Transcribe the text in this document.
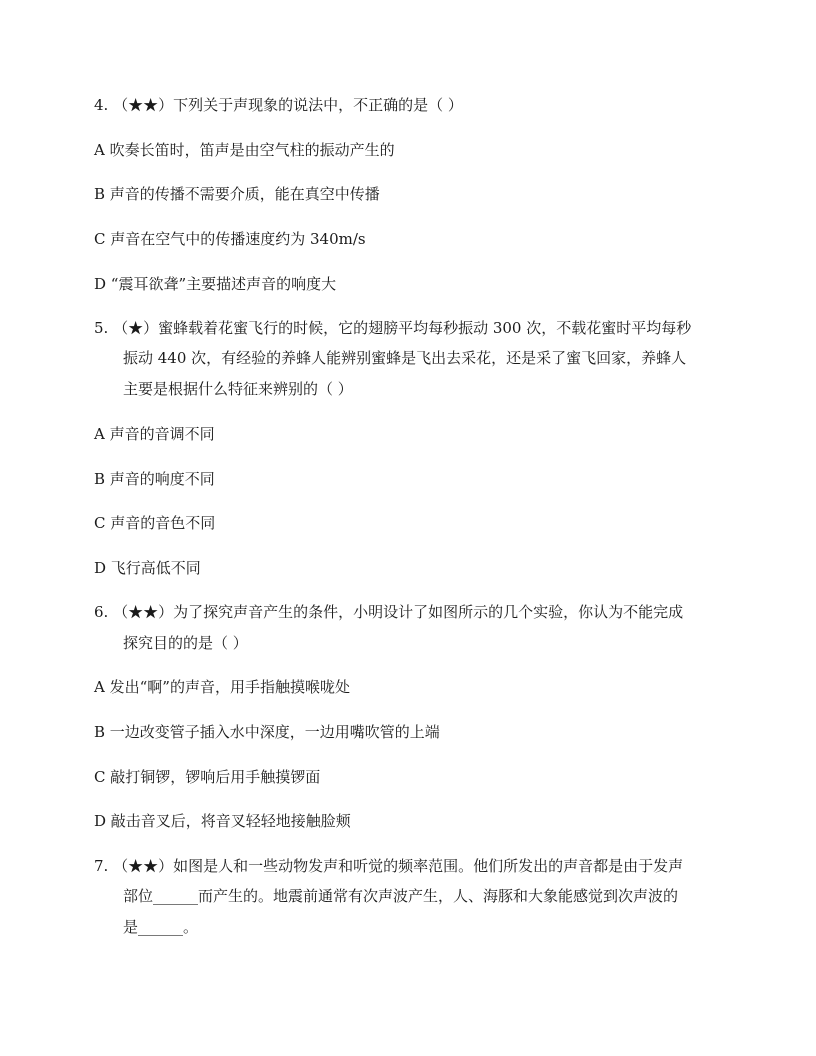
4. （★★）下列关于声现象的说法中，不正确的是（ ）
A 吹奏长笛时，笛声是由空气柱的振动产生的
B 声音的传播不需要介质，能在真空中传播
C 声音在空气中的传播速度约为 340m/s
D “震耳欲聋”主要描述声音的响度大
5. （★）蜜蜂载着花蜜飞行的时候，它的翅膀平均每秒振动 300 次，不载花蜜时平均每秒
振动 440 次，有经验的养蜂人能辨别蜜蜂是飞出去采花，还是采了蜜飞回家，养蜂人
主要是根据什么特征来辨别的（ ）
A 声音的音调不同
B 声音的响度不同
C 声音的音色不同
D 飞行高低不同
6. （★★）为了探究声音产生的条件，小明设计了如图所示的几个实验，你认为不能完成
探究目的的是（ ）
A 发出“啊”的声音，用手指触摸喉咙处
B 一边改变管子插入水中深度，一边用嘴吹管的上端
C 敲打铜锣，锣响后用手触摸锣面
D 敲击音叉后，将音叉轻轻地接触脸颊
7. （★★）如图是人和一些动物发声和听觉的频率范围。他们所发出的声音都是由于发声
部位______而产生的。地震前通常有次声波产生，人、海豚和大象能感觉到次声波的
是______。
